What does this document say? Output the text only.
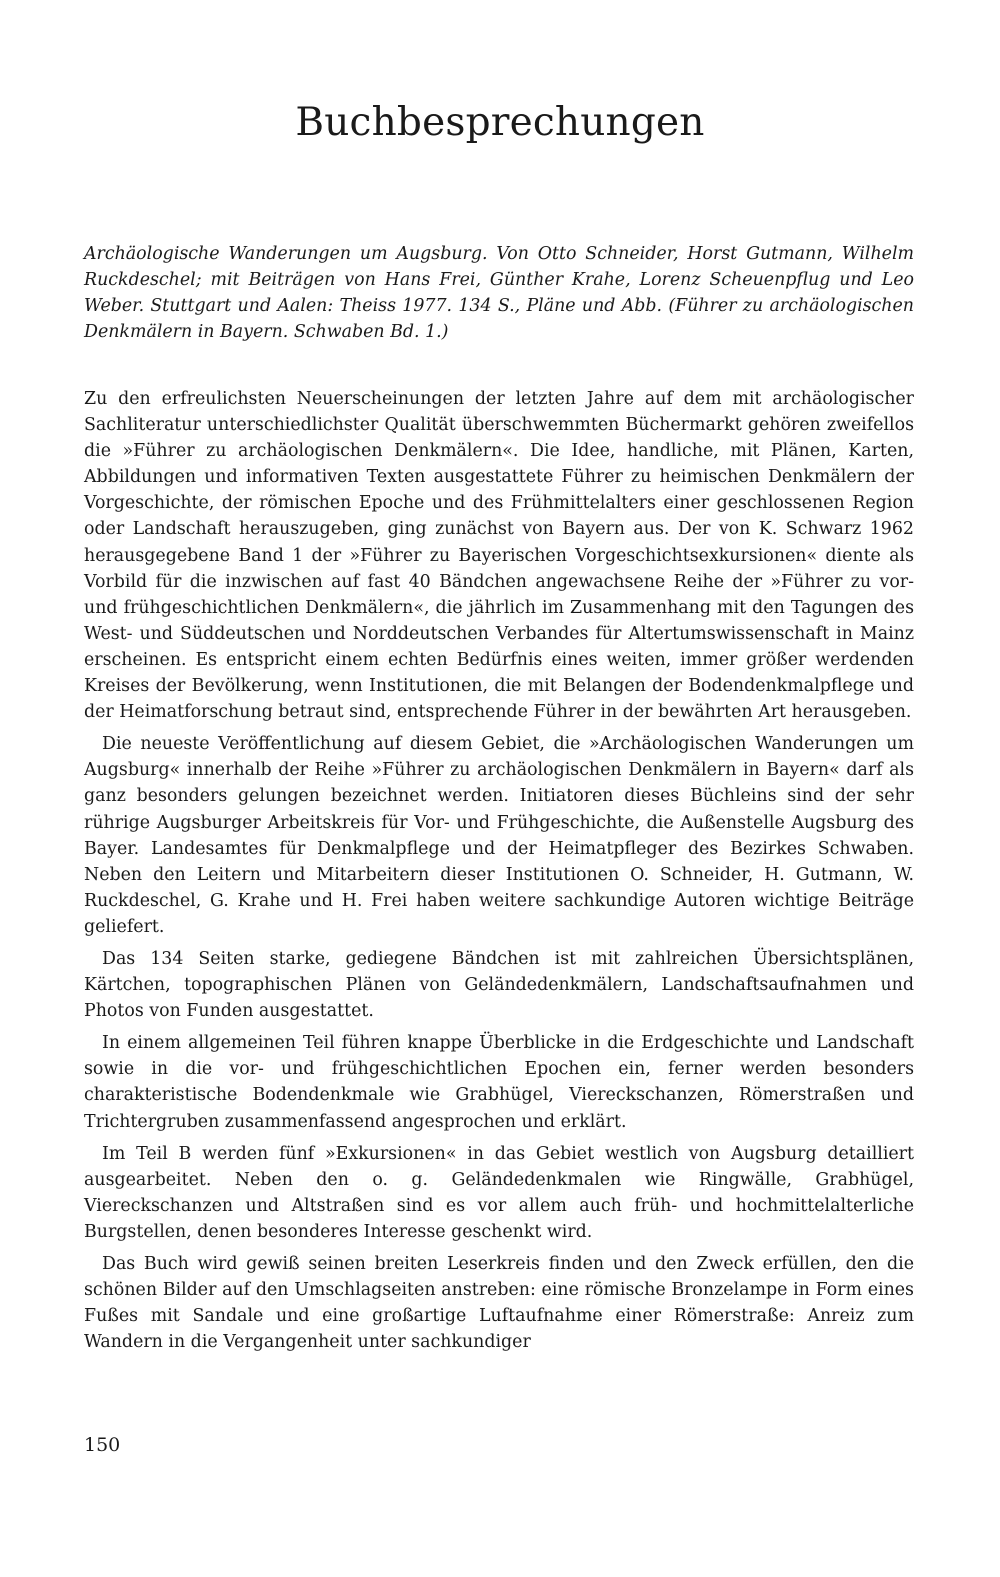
Buchbesprechungen

Archäologische Wanderungen um Augsburg. Von Otto Schneider, Horst Gutmann, Wilhelm Ruckdeschel; mit Beiträgen von Hans Frei, Günther Krahe, Lorenz Scheuenpflug und Leo Weber. Stuttgart und Aalen: Theiss 1977. 134 S., Pläne und Abb. (Führer zu archäologischen Denkmälern in Bayern. Schwaben Bd. 1.)

Zu den erfreulichsten Neuerscheinungen der letzten Jahre auf dem mit archäologischer Sachliteratur unterschiedlichster Qualität überschwemmten Büchermarkt gehören zweifellos die »Führer zu archäologischen Denkmälern«. Die Idee, handliche, mit Plänen, Karten, Abbildungen und informativen Texten ausgestattete Führer zu heimischen Denkmälern der Vorgeschichte, der römischen Epoche und des Frühmittelalters einer geschlossenen Region oder Landschaft herauszugeben, ging zunächst von Bayern aus. Der von K. Schwarz 1962 herausgegebene Band 1 der »Führer zu Bayerischen Vorgeschichtsexkursionen« diente als Vorbild für die inzwischen auf fast 40 Bändchen angewachsene Reihe der »Führer zu vor- und frühgeschichtlichen Denkmälern«, die jährlich im Zusammenhang mit den Tagungen des West- und Süddeutschen und Norddeutschen Verbandes für Altertumswissenschaft in Mainz erscheinen. Es entspricht einem echten Bedürfnis eines weiten, immer größer werdenden Kreises der Bevölkerung, wenn Institutionen, die mit Belangen der Bodendenkmalpflege und der Heimatforschung betraut sind, entsprechende Führer in der bewährten Art herausgeben.

Die neueste Veröffentlichung auf diesem Gebiet, die »Archäologischen Wanderungen um Augsburg« innerhalb der Reihe »Führer zu archäologischen Denkmälern in Bayern« darf als ganz besonders gelungen bezeichnet werden. Initiatoren dieses Büchleins sind der sehr rührige Augsburger Arbeitskreis für Vor- und Frühgeschichte, die Außenstelle Augsburg des Bayer. Landesamtes für Denkmalpflege und der Heimatpfleger des Bezirkes Schwaben. Neben den Leitern und Mitarbeitern dieser Institutionen O. Schneider, H. Gutmann, W. Ruckdeschel, G. Krahe und H. Frei haben weitere sachkundige Autoren wichtige Beiträge geliefert.

Das 134 Seiten starke, gediegene Bändchen ist mit zahlreichen Übersichtsplänen, Kärtchen, topographischen Plänen von Geländedenkmälern, Landschaftsaufnahmen und Photos von Funden ausgestattet.

In einem allgemeinen Teil führen knappe Überblicke in die Erdgeschichte und Landschaft sowie in die vor- und frühgeschichtlichen Epochen ein, ferner werden besonders charakteristische Bodendenkmale wie Grabhügel, Viereckschanzen, Römerstraßen und Trichtergruben zusammenfassend angesprochen und erklärt.

Im Teil B werden fünf »Exkursionen« in das Gebiet westlich von Augsburg detailliert ausgearbeitet. Neben den o. g. Geländedenkmalen wie Ringwälle, Grabhügel, Viereckschanzen und Altstraßen sind es vor allem auch früh- und hochmittelalterliche Burgstellen, denen besonderes Interesse geschenkt wird.

Das Buch wird gewiß seinen breiten Leserkreis finden und den Zweck erfüllen, den die schönen Bilder auf den Umschlagseiten anstreben: eine römische Bronzelampe in Form eines Fußes mit Sandale und eine großartige Luftaufnahme einer Römerstraße: Anreiz zum Wandern in die Vergangenheit unter sachkundiger

150
